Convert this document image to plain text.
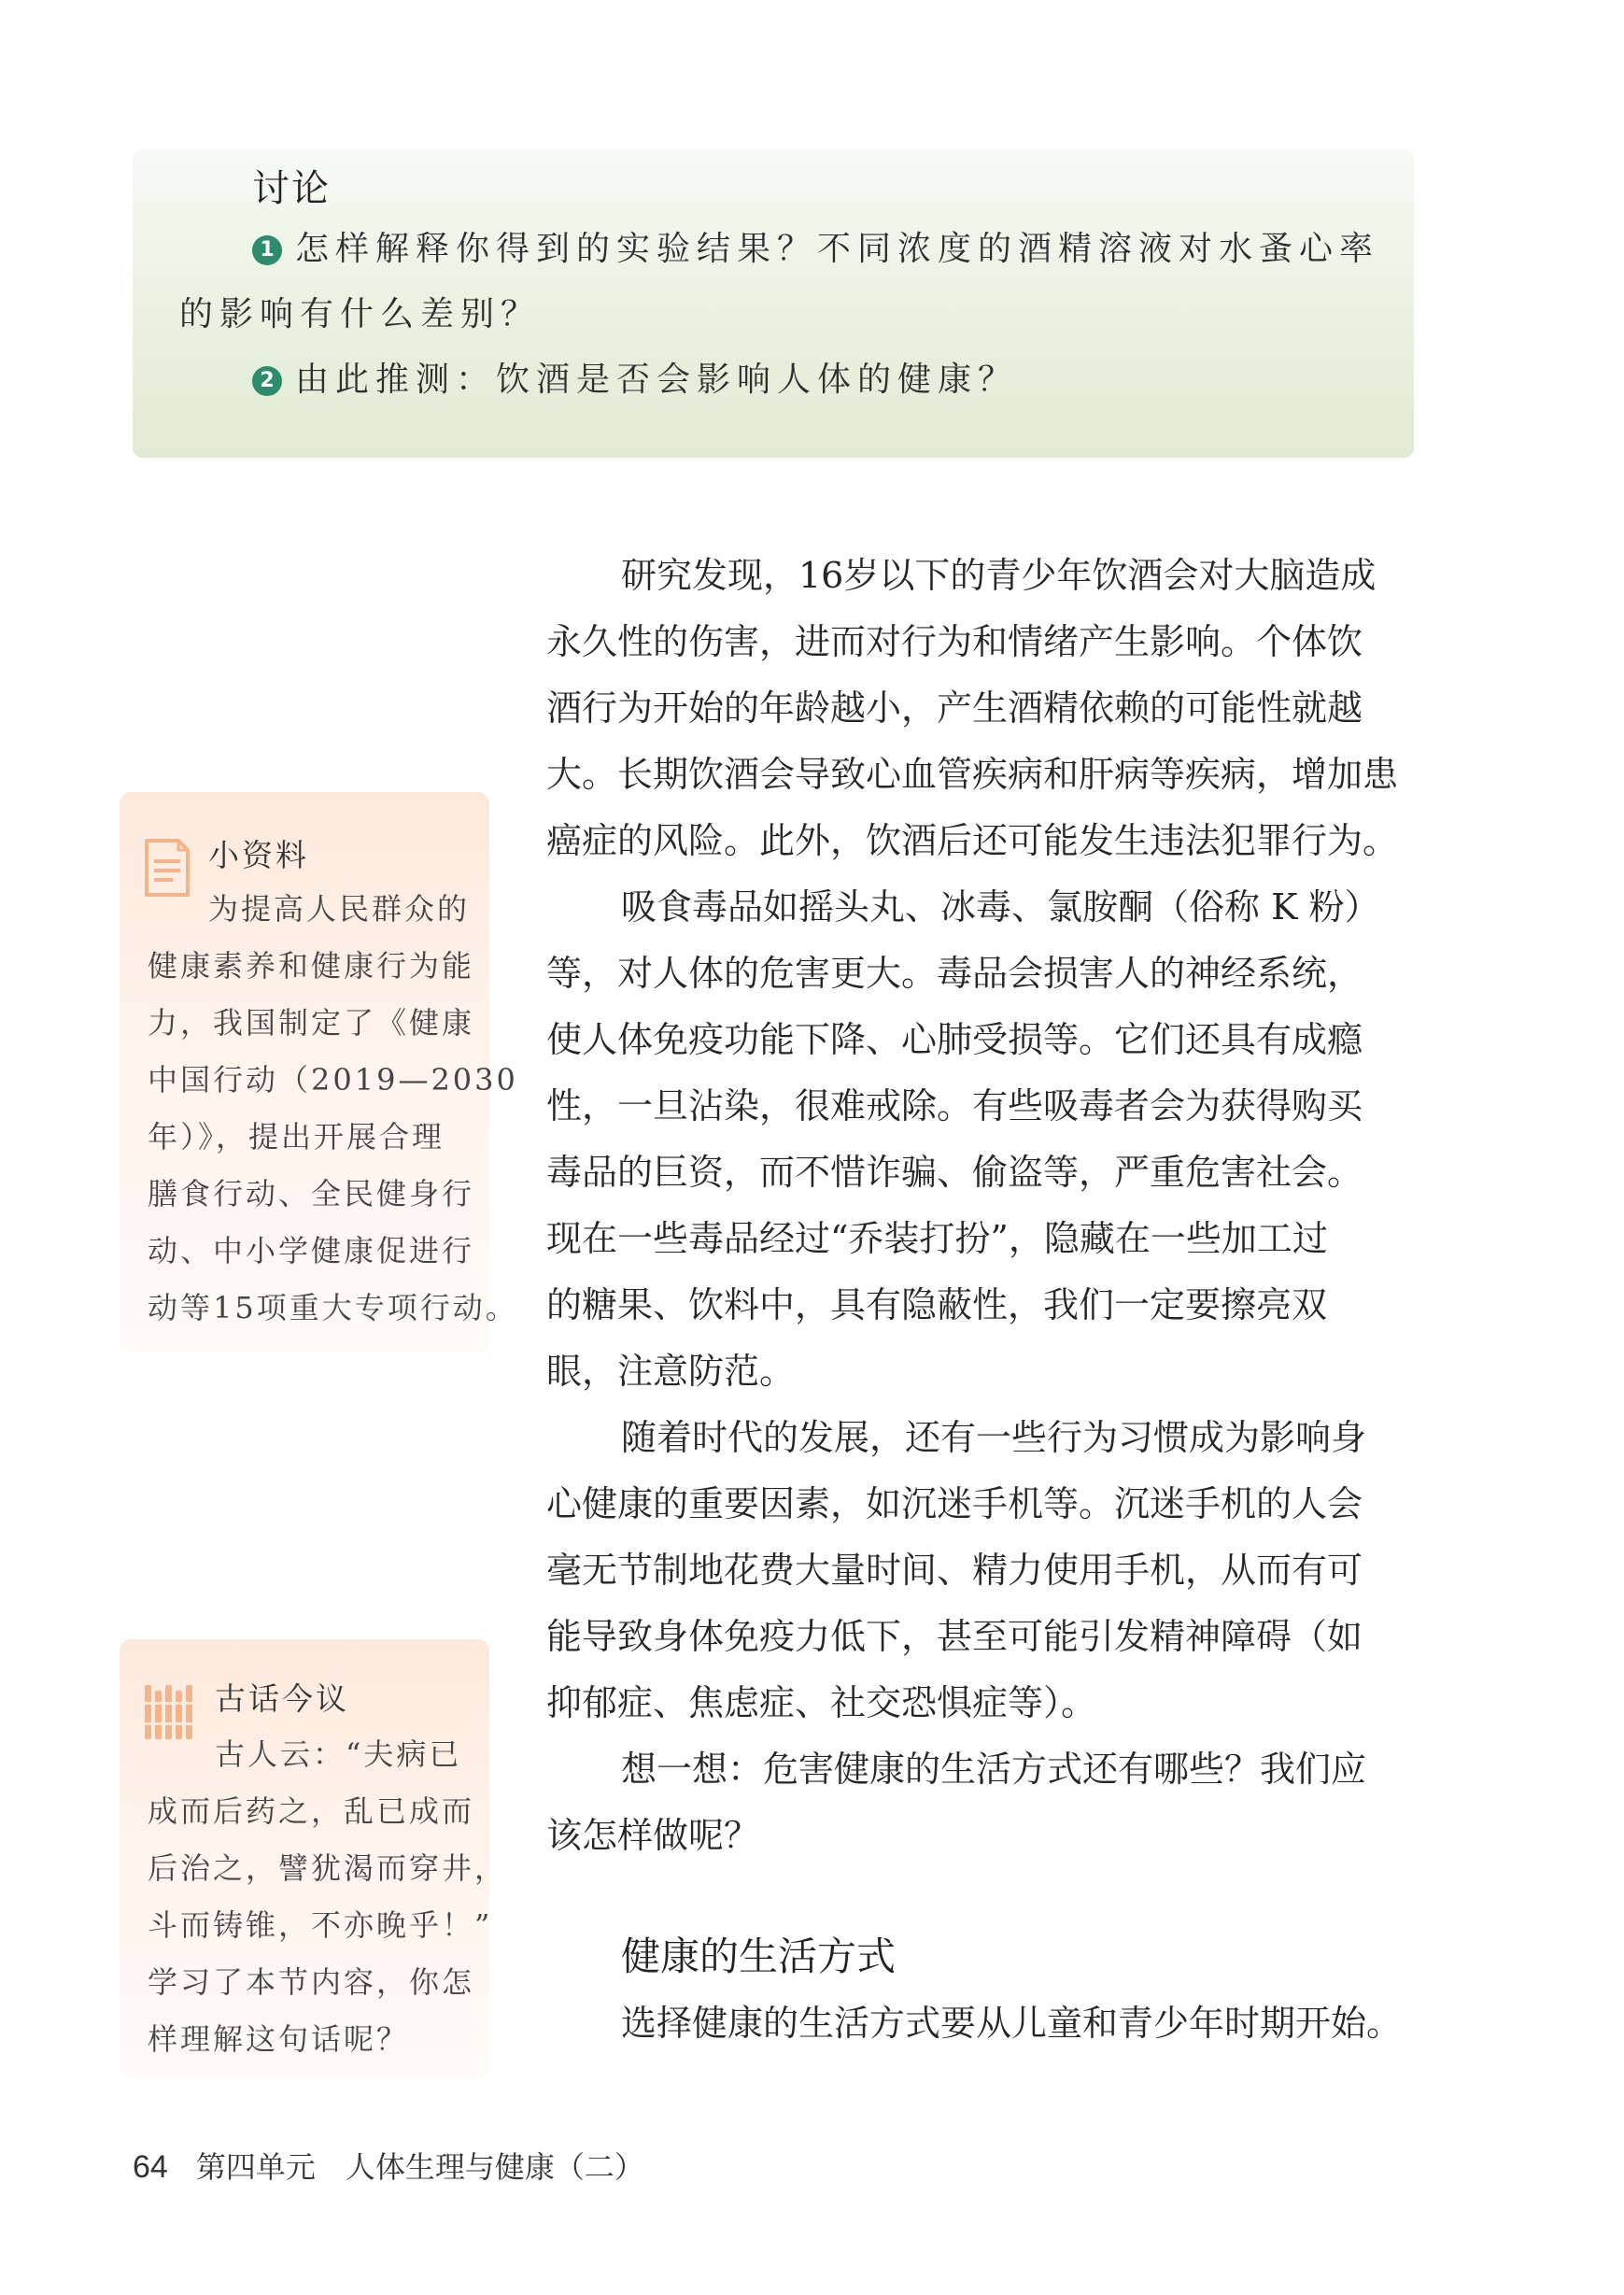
讨论
1 怎样解释你得到的实验结果？不同浓度的酒精溶液对水蚤心率
的影响有什么差别？
2 由此推测：饮酒是否会影响人体的健康？
研究发现，16岁以下的青少年饮酒会对大脑造成
永久性的伤害，进而对行为和情绪产生影响。个体饮
酒行为开始的年龄越小，产生酒精依赖的可能性就越
大。长期饮酒会导致心血管疾病和肝病等疾病，增加患
癌症的风险。此外，饮酒后还可能发生违法犯罪行为。
吸食毒品如摇头丸、冰毒、氯胺酮（俗称 K 粉）
等，对人体的危害更大。毒品会损害人的神经系统，
使人体免疫功能下降、心肺受损等。它们还具有成瘾
性，一旦沾染，很难戒除。有些吸毒者会为获得购买
毒品的巨资，而不惜诈骗、偷盗等，严重危害社会。
现在一些毒品经过“乔装打扮”，隐藏在一些加工过
的糖果、饮料中，具有隐蔽性，我们一定要擦亮双
眼，注意防范。
随着时代的发展，还有一些行为习惯成为影响身
心健康的重要因素，如沉迷手机等。沉迷手机的人会
毫无节制地花费大量时间、精力使用手机，从而有可
能导致身体免疫力低下，甚至可能引发精神障碍（如
抑郁症、焦虑症、社交恐惧症等）。
想一想：危害健康的生活方式还有哪些？我们应
该怎样做呢？
小资料
为提高人民群众的
健康素养和健康行为能
力，我国制定了《健康
中国行动（2019—2030
年）》，提出开展合理
膳食行动、全民健身行
动、中小学健康促进行
动等15项重大专项行动。
古话今议
古人云：“夫病已
成而后药之，乱已成而
后治之，譬犹渴而穿井，
斗而铸锥，不亦晚乎！”
学习了本节内容，你怎
样理解这句话呢？
健康的生活方式
选择健康的生活方式要从儿童和青少年时期开始。
64 第四单元　人体生理与健康（二）
